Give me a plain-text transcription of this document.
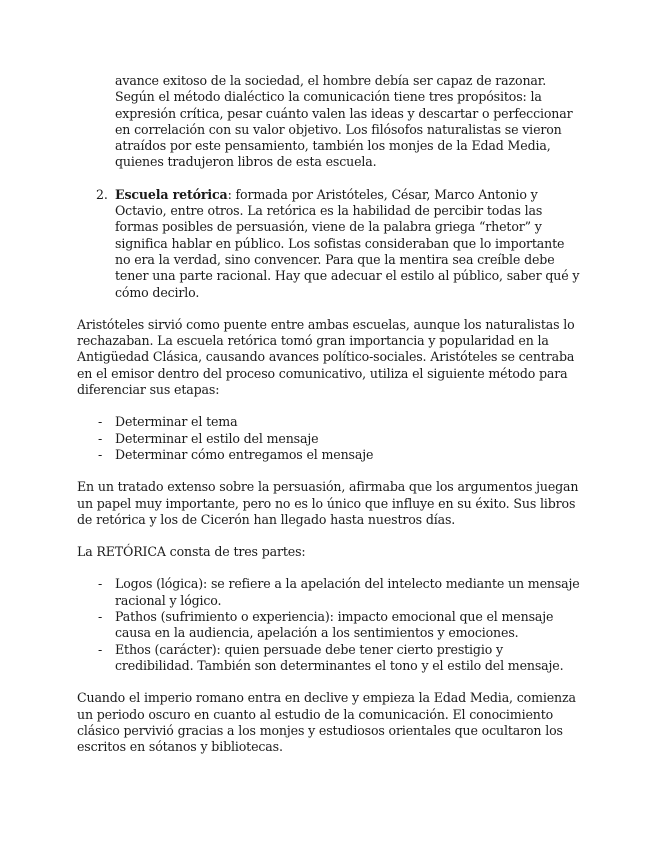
avance exitoso de la sociedad, el hombre debía ser capaz de razonar. Según el método dialéctico la comunicación tiene tres propósitos: la expresión crítica, pesar cuánto valen las ideas y descartar o perfeccionar en correlación con su valor objetivo. Los filósofos naturalistas se vieron atraídos por este pensamiento, también los monjes de la Edad Media, quienes tradujeron libros de esta escuela.
2. Escuela retórica: formada por Aristóteles, César, Marco Antonio y Octavio, entre otros. La retórica es la habilidad de percibir todas las formas posibles de persuasión, viene de la palabra griega “rhetor” y significa hablar en público. Los sofistas consideraban que lo importante no era la verdad, sino convencer. Para que la mentira sea creíble debe tener una parte racional. Hay que adecuar el estilo al público, saber qué y cómo decirlo.

Aristóteles sirvió como puente entre ambas escuelas, aunque los naturalistas lo rechazaban. La escuela retórica tomó gran importancia y popularidad en la Antigüedad Clásica, causando avances político-sociales. Aristóteles se centraba en el emisor dentro del proceso comunicativo, utiliza el siguiente método para diferenciar sus etapas:

- Determinar el tema
- Determinar el estilo del mensaje
- Determinar cómo entregamos el mensaje

En un tratado extenso sobre la persuasión, afirmaba que los argumentos juegan un papel muy importante, pero no es lo único que influye en su éxito. Sus libros de retórica y los de Cicerón han llegado hasta nuestros días.

La RETÓRICA consta de tres partes:

- Logos (lógica): se refiere a la apelación del intelecto mediante un mensaje racional y lógico.
- Pathos (sufrimiento o experiencia): impacto emocional que el mensaje causa en la audiencia, apelación a los sentimientos y emociones.
- Ethos (carácter): quien persuade debe tener cierto prestigio y credibilidad. También son determinantes el tono y el estilo del mensaje.

Cuando el imperio romano entra en declive y empieza la Edad Media, comienza un periodo oscuro en cuanto al estudio de la comunicación. El conocimiento clásico pervivió gracias a los monjes y estudiosos orientales que ocultaron los escritos en sótanos y bibliotecas.
